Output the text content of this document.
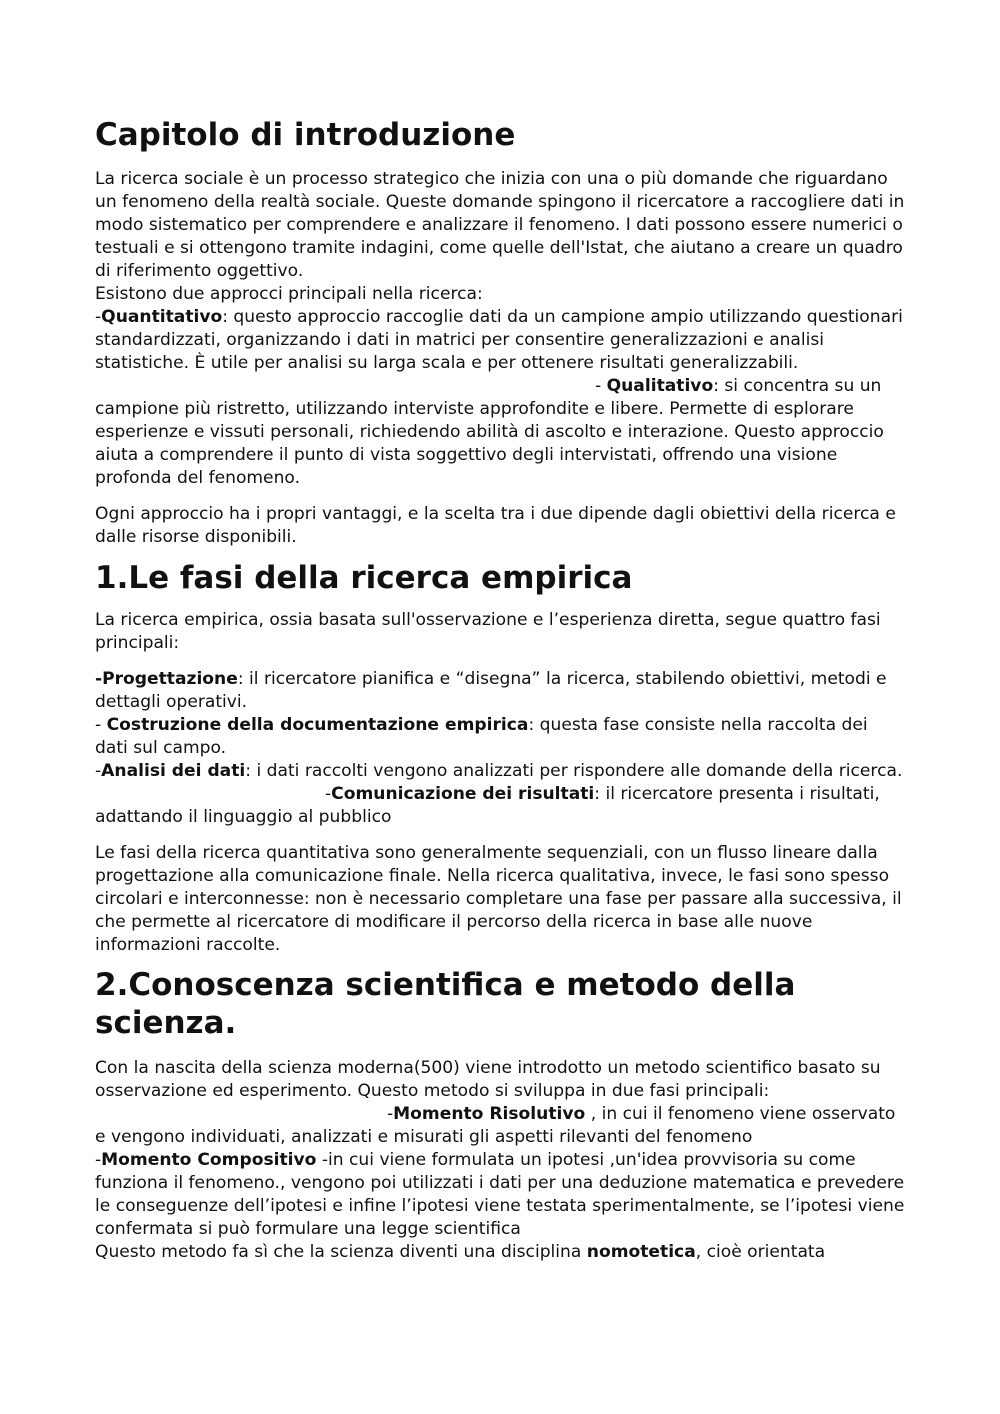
Capitolo di introduzione

La ricerca sociale è un processo strategico che inizia con una o più domande che riguardano un fenomeno della realtà sociale. Queste domande spingono il ricercatore a raccogliere dati in modo sistematico per comprendere e analizzare il fenomeno. I dati possono essere numerici o testuali e si ottengono tramite indagini, come quelle dell'Istat, che aiutano a creare un quadro di riferimento oggettivo.
Esistono due approcci principali nella ricerca:
-Quantitativo: questo approccio raccoglie dati da un campione ampio utilizzando questionari standardizzati, organizzando i dati in matrici per consentire generalizzazioni e analisi statistiche. È utile per analisi su larga scala e per ottenere risultati generalizzabili.- Qualitativo: si concentra su un campione più ristretto, utilizzando interviste approfondite e libere. Permette di esplorare esperienze e vissuti personali, richiedendo abilità di ascolto e interazione. Questo approccio aiuta a comprendere il punto di vista soggettivo degli intervistati, offrendo una visione profonda del fenomeno.

Ogni approccio ha i propri vantaggi, e la scelta tra i due dipende dagli obiettivi della ricerca e dalle risorse disponibili.

1.Le fasi della ricerca empirica

La ricerca empirica, ossia basata sull'osservazione e l’esperienza diretta, segue quattro fasi principali:

-Progettazione: il ricercatore pianifica e “disegna” la ricerca, stabilendo obiettivi, metodi e dettagli operativi.
- Costruzione della documentazione empirica: questa fase consiste nella raccolta dei dati sul campo.
-Analisi dei dati: i dati raccolti vengono analizzati per rispondere alle domande della ricerca.-Comunicazione dei risultati: il ricercatore presenta i risultati, adattando il linguaggio al pubblico

Le fasi della ricerca quantitativa sono generalmente sequenziali, con un flusso lineare dalla progettazione alla comunicazione finale. Nella ricerca qualitativa, invece, le fasi sono spesso circolari e interconnesse: non è necessario completare una fase per passare alla successiva, il che permette al ricercatore di modificare il percorso della ricerca in base alle nuove informazioni raccolte.

2.Conoscenza scientifica e metodo della scienza.

Con la nascita della scienza moderna(500) viene introdotto un metodo scientifico basato su osservazione ed esperimento. Questo metodo si sviluppa in due fasi principali:-Momento Risolutivo , in cui il fenomeno viene osservato e vengono individuati, analizzati e misurati gli aspetti rilevanti del fenomeno
-Momento Compositivo -in cui viene formulata un ipotesi ,un'idea provvisoria su come funziona il fenomeno., vengono poi utilizzati i dati per una deduzione matematica e prevedere le conseguenze dell’ipotesi e infine l’ipotesi viene testata sperimentalmente, se l’ipotesi viene confermata si può formulare una legge scientifica
Questo metodo fa sì che la scienza diventi una disciplina nomotetica, cioè orientata
